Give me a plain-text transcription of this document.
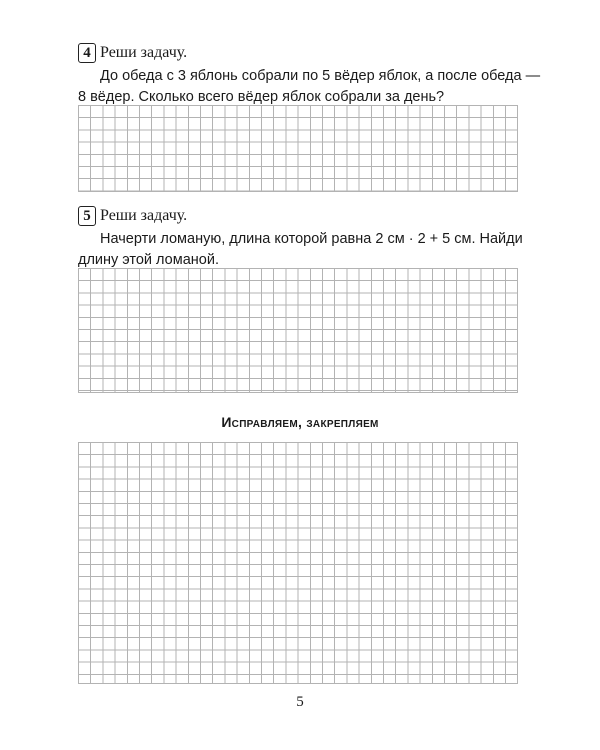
4 Реши задачу.

До обеда с 3 яблонь собрали по 5 вёдер яблок, а после обеда —
8 вёдер. Сколько всего вёдер яблок собрали за день?

5 Реши задачу.

Начерти ломаную, длина которой равна 2 см · 2 + 5 см. Найди
длину этой ломаной.

Исправляем, закрепляем
5
